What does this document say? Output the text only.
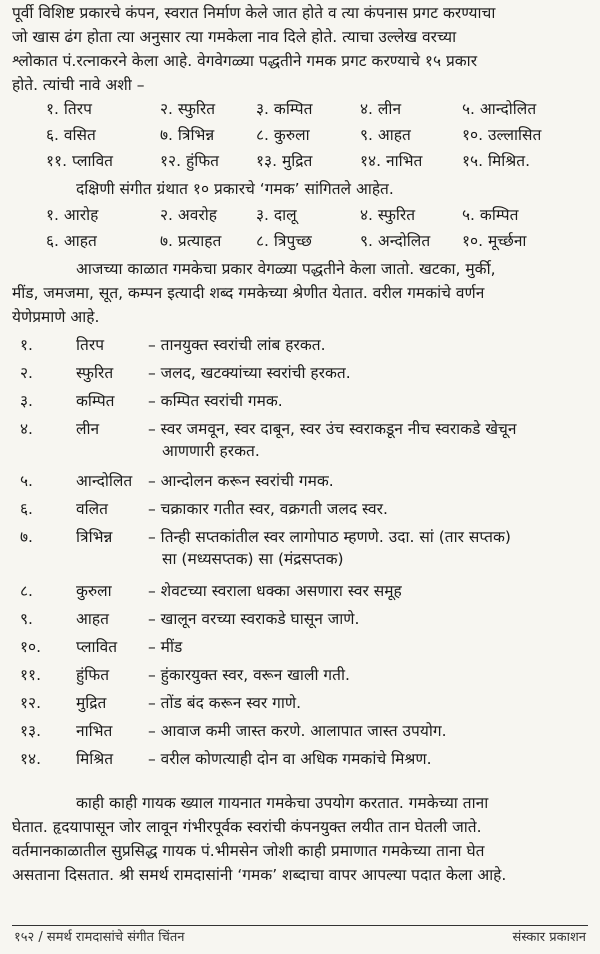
पूर्वी विशिष्ट प्रकारचे कंपन, स्वरात निर्माण केले जात होते व त्या कंपनास प्रगट करण्याचा
जो खास ढंग होता त्या अनुसार त्या गमकेला नाव दिले होते. त्याचा उल्लेख वरच्या
श्लोकात पं.रत्नाकरने केला आहे. वेगवेगळ्या पद्धतीने गमक प्रगट करण्याचे १५ प्रकार
होते. त्यांची नावे अशी –
१. तिरप	२. स्फुरित	३. कम्पित	४. लीन	५. आन्दोलित
६. वसित	७. त्रिभिन्न	८. कुरुला	९. आहत	१०. उल्लासित
११. प्लावित	१२. हुंफित १३. मुद्रित	१४. नाभित	१५. मिश्रित.
दक्षिणी संगीत ग्रंथात १० प्रकारचे ‘गमक’ सांगितले आहेत.
१. आरोह	२. अवरोह	३. दालू	४. स्फुरित	५. कम्पित
६. आहत	७. प्रत्याहत ८. त्रिपुच्छ	९. अन्दोलित १०. मूर्च्छना
आजच्या काळात गमकेचा प्रकार वेगळ्या पद्धतीने केला जातो. खटका, मुर्की,
मींड, जमजमा, सूत, कम्पन इत्यादी शब्द गमकेच्या श्रेणीत येतात. वरील गमकांचे वर्णन
येणेप्रमाणे आहे.
१.	तिरप	– तानयुक्त स्वरांची लांब हरकत.
२.	स्फुरित – जलद, खटक्यांच्या स्वरांची हरकत.
३.	कम्पित – कम्पित स्वरांची गमक.
४.	लीन	– स्वर जमवून, स्वर दाबून, स्वर उंच स्वराकडून नीच स्वराकडे खेचून
आणणारी हरकत.
५.	आन्दोलित – आन्दोलन करून स्वरांची गमक.
६.	वलित	– चक्राकार गतीत स्वर, वक्रगती जलद स्वर.
७.	त्रिभिन्न – तिन्ही सप्तकांतील स्वर लागोपाठ म्हणणे. उदा. सां (तार सप्तक)
सा (मध्यसप्तक) सा (मंद्रसप्तक)
८.	कुरुला – शेवटच्या स्वराला धक्का असणारा स्वर समूह
९.	आहत	– खालून वरच्या स्वराकडे घासून जाणे.
१०. प्लावित – मींड
११. हुंफित	– हुंकारयुक्त स्वर, वरून खाली गती.
१२. मुद्रित	– तोंड बंद करून स्वर गाणे.
१३. नाभित – आवाज कमी जास्त करणे. आलापात जास्त उपयोग.
१४. मिश्रित – वरील कोणत्याही दोन वा अधिक गमकांचे मिश्रण.
काही काही गायक ख्याल गायनात गमकेचा उपयोग करतात. गमकेच्या ताना
घेतात. हृदयापासून जोर लावून गंभीरपूर्वक स्वरांची कंपनयुक्त लयीत तान घेतली जाते.
वर्तमानकाळातील सुप्रसिद्ध गायक पं.भीमसेन जोशी काही प्रमाणात गमकेच्या ताना घेत
असताना दिसतात. श्री समर्थ रामदासांनी ‘गमक’ शब्दाचा वापर आपल्या पदात केला आहे.
१५२ / समर्थ रामदासांचे संगीत चिंतन	संस्कार प्रकाशन
